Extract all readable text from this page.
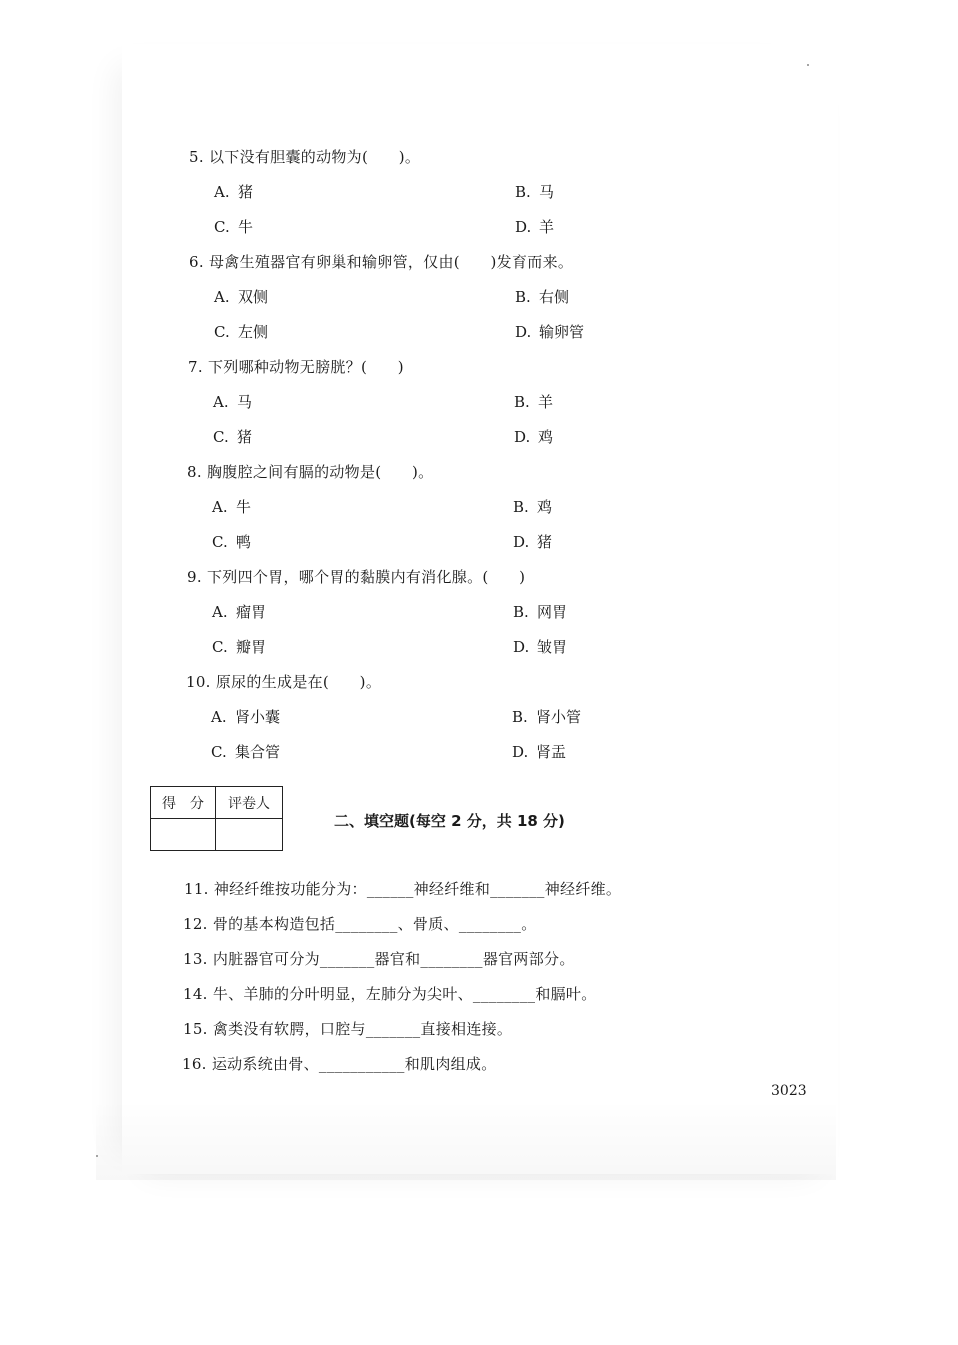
5. 以下没有胆囊的动物为(　　)。
A. 猪	B. 马
C. 牛	D. 羊
6. 母禽生殖器官有卵巢和输卵管，仅由(　　)发育而来。
A. 双侧	B. 右侧
C. 左侧	D. 输卵管
7. 下列哪种动物无膀胱？(　　)
A. 马	B. 羊
C. 猪	D. 鸡
8. 胸腹腔之间有膈的动物是(　　)。
A. 牛	B. 鸡
C. 鸭	D. 猪
9. 下列四个胃，哪个胃的黏膜内有消化腺。(　　)
A. 瘤胃	B. 网胃
C. 瓣胃	D. 皱胃
10. 原尿的生成是在(　　)。
A. 肾小囊	B. 肾小管
C. 集合管	D. 肾盂
得　分	评卷人

二、填空题(每空 2 分，共 18 分)
11. 神经纤维按功能分为：______神经纤维和_______神经纤维。
12. 骨的基本构造包括________、骨质、________。
13. 内脏器官可分为_______器官和________器官两部分。
14. 牛、羊肺的分叶明显，左肺分为尖叶、________和膈叶。
15. 禽类没有软腭，口腔与_______直接相连接。
16. 运动系统由骨、___________和肌肉组成。
3023
